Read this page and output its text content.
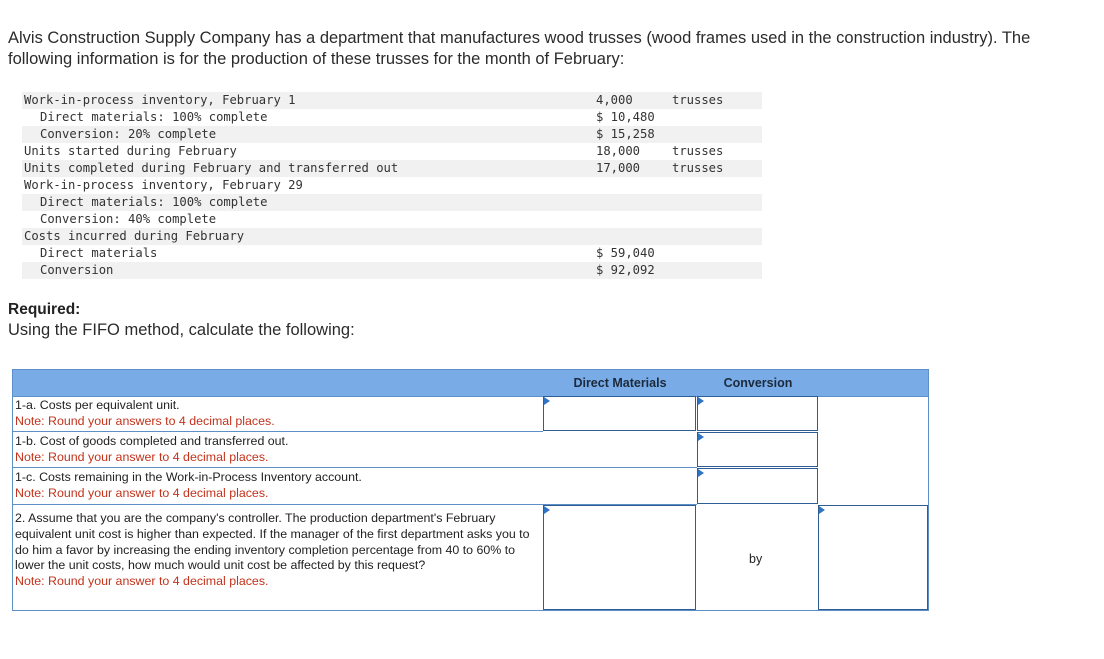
Alvis Construction Supply Company has a department that manufactures wood trusses (wood frames used in the construction industry). The following information is for the production of these trusses for the month of February:

Work-in-process inventory, February 1	4,000	trusses
Direct materials: 100% complete	$ 10,480
Conversion: 20% complete	$ 15,258
Units started during February	18,000	trusses
Units completed during February and transferred out	17,000	trusses
Work-in-process inventory, February 29
Direct materials: 100% complete
Conversion: 40% complete
Costs incurred during February
Direct materials	$ 59,040
Conversion	$ 92,092

Required:

Using the FIFO method, calculate the following:

Direct Materials	Conversion
1-a. Costs per equivalent unit.
Note: Round your answers to 4 decimal places.
1-b. Cost of goods completed and transferred out.
Note: Round your answer to 4 decimal places.
1-c. Costs remaining in the Work-in-Process Inventory account.
Note: Round your answer to 4 decimal places.
2. Assume that you are the company's controller. The production department's February equivalent unit cost is higher than expected. If the manager of the first department asks you to do him a favor by increasing the ending inventory completion percentage from 40 to 60% to lower the unit costs, how much would unit cost be affected by this request?
Note: Round your answer to 4 decimal places.
by
